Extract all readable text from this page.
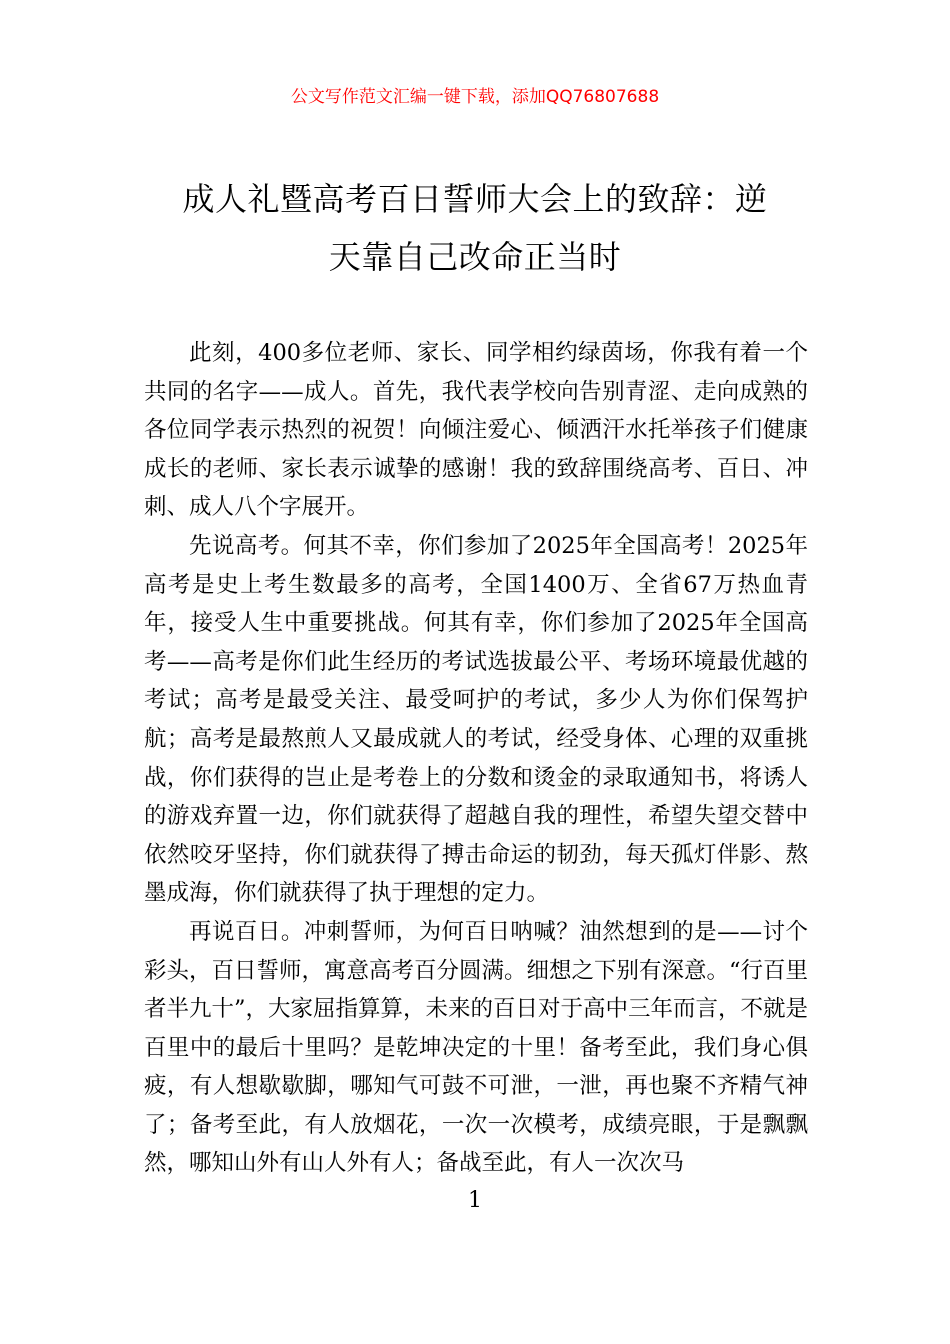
公文写作范文汇编一键下载，添加QQ76807688
成人礼暨高考百日誓师大会上的致辞：逆
天靠自己改命正当时

此刻，400多位老师、家长、同学相约绿茵场，你我有着一个共同的名字——成人。首先，我代表学校向告别青涩、走向成熟的各位同学表示热烈的祝贺！向倾注爱心、倾洒汗水托举孩子们健康成长的老师、家长表示诚挚的感谢！我的致辞围绕高考、百日、冲刺、成人八个字展开。

先说高考。何其不幸，你们参加了2025年全国高考！2025年高考是史上考生数最多的高考，全国1400万、全省67万热血青年，接受人生中重要挑战。何其有幸，你们参加了2025年全国高考——高考是你们此生经历的考试选拔最公平、考场环境最优越的考试；高考是最受关注、最受呵护的考试，多少人为你们保驾护航；高考是最熬煎人又最成就人的考试，经受身体、心理的双重挑战，你们获得的岂止是考卷上的分数和烫金的录取通知书，将诱人的游戏弃置一边，你们就获得了超越自我的理性，希望失望交替中依然咬牙坚持，你们就获得了搏击命运的韧劲，每天孤灯伴影、熬墨成海，你们就获得了执于理想的定力。

再说百日。冲刺誓师，为何百日呐喊？油然想到的是——讨个彩头，百日誓师，寓意高考百分圆满。细想之下别有深意。“行百里者半九十”，大家屈指算算，未来的百日对于高中三年而言，不就是百里中的最后十里吗？是乾坤决定的十里！备考至此，我们身心俱疲，有人想歇歇脚，哪知气可鼓不可泄，一泄，再也聚不齐精气神了；备考至此，有人放烟花，一次一次模考，成绩亮眼，于是飘飘然，哪知山外有山人外有人；备战至此，有人一次次马

1
